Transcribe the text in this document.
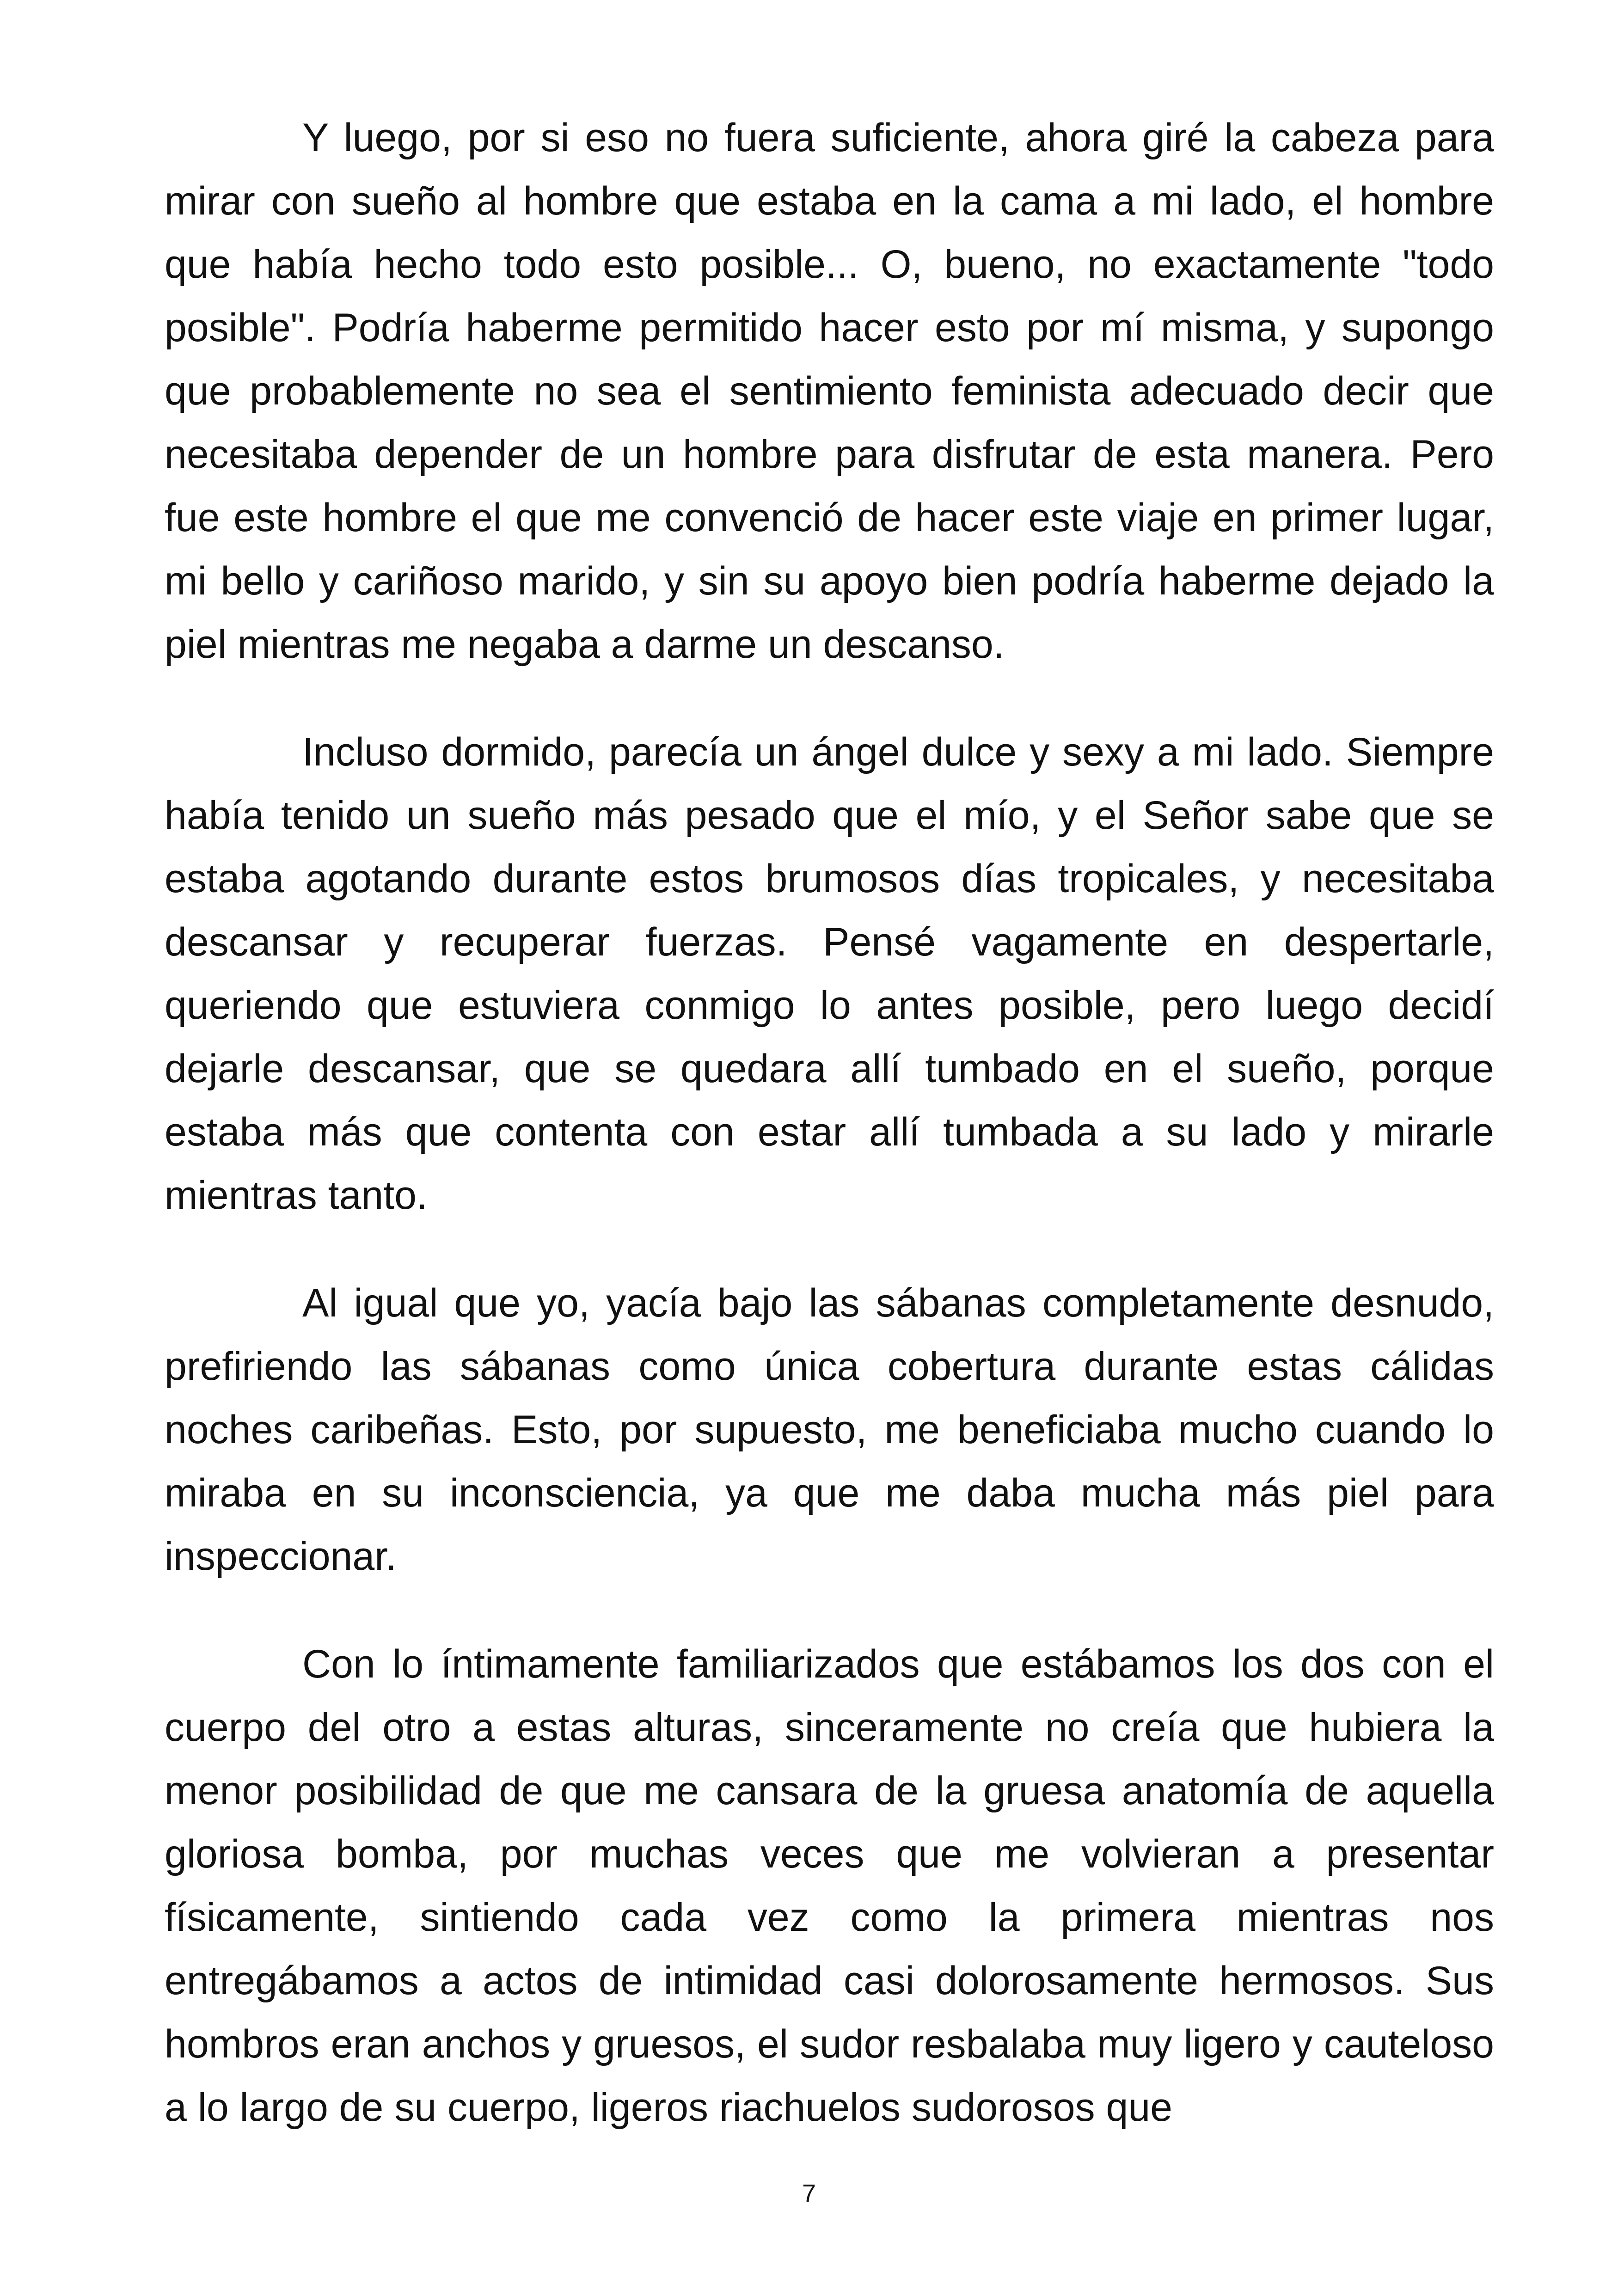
Y luego, por si eso no fuera suficiente, ahora giré la cabeza para mirar con sueño al hombre que estaba en la cama a mi lado, el hombre que había hecho todo esto posible... O, bueno, no exactamente "todo posible". Podría haberme permitido hacer esto por mí misma, y supongo que probablemente no sea el sentimiento feminista adecuado decir que necesitaba depender de un hombre para disfrutar de esta manera. Pero fue este hombre el que me convenció de hacer este viaje en primer lugar, mi bello y cariñoso marido, y sin su apoyo bien podría haberme dejado la piel mientras me negaba a darme un descanso.

Incluso dormido, parecía un ángel dulce y sexy a mi lado. Siempre había tenido un sueño más pesado que el mío, y el Señor sabe que se estaba agotando durante estos brumosos días tropicales, y necesitaba descansar y recuperar fuerzas. Pensé vagamente en despertarle, queriendo que estuviera conmigo lo antes posible, pero luego decidí dejarle descansar, que se quedara allí tumbado en el sueño, porque estaba más que contenta con estar allí tumbada a su lado y mirarle mientras tanto.

Al igual que yo, yacía bajo las sábanas completamente desnudo, prefiriendo las sábanas como única cobertura durante estas cálidas noches caribeñas. Esto, por supuesto, me beneficiaba mucho cuando lo miraba en su inconsciencia, ya que me daba mucha más piel para inspeccionar.

Con lo íntimamente familiarizados que estábamos los dos con el cuerpo del otro a estas alturas, sinceramente no creía que hubiera la menor posibilidad de que me cansara de la gruesa anatomía de aquella gloriosa bomba, por muchas veces que me volvieran a presentar físicamente, sintiendo cada vez como la primera mientras nos entregábamos a actos de intimidad casi dolorosamente hermosos. Sus hombros eran anchos y gruesos, el sudor resbalaba muy ligero y cauteloso a lo largo de su cuerpo, ligeros riachuelos sudorosos que

7
